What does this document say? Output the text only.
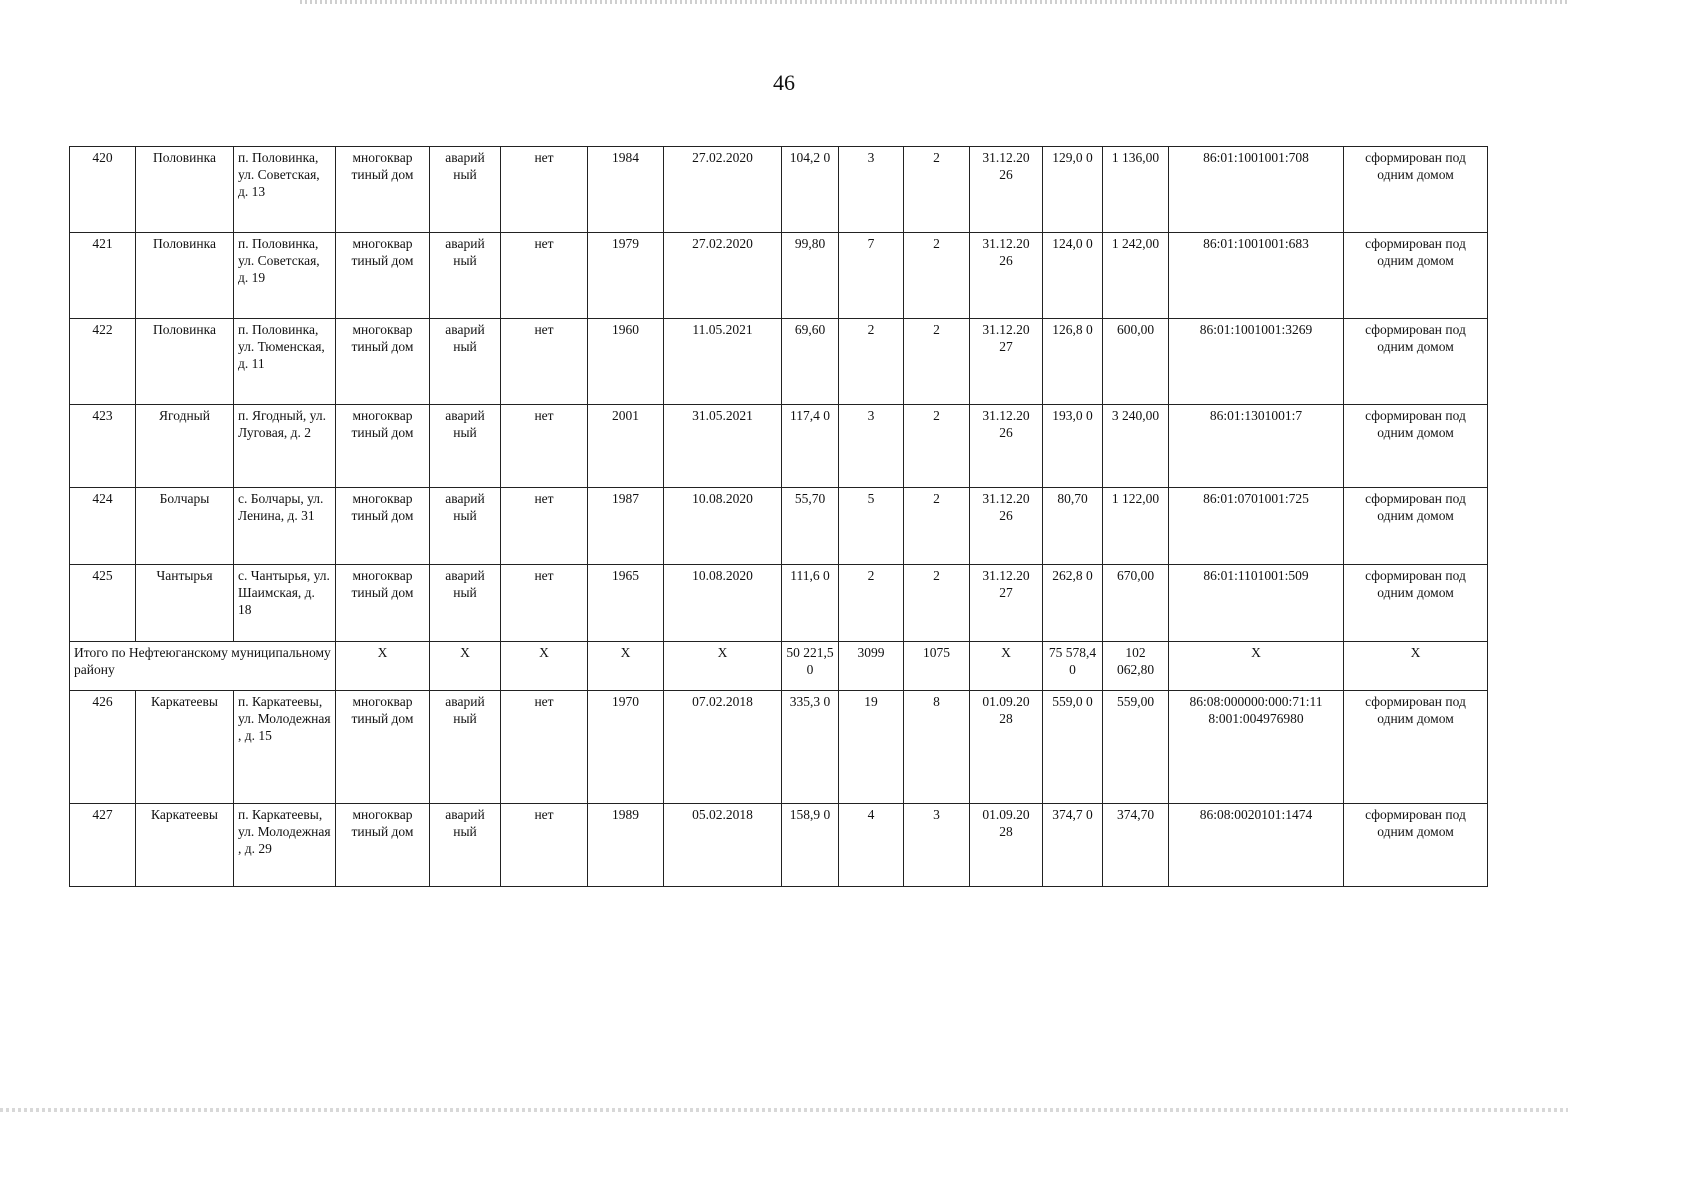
46
420	Половинка	п. Половинка, ул. Советская, д. 13	многоквар тиный дом	аварий ный	нет	1984	27.02.2020	104,2 0	3	2	31.12.20 26	129,0 0	1 136,00	86:01:1001001:708	сформирован под одним домом
421	Половинка	п. Половинка, ул. Советская, д. 19	многоквар тиный дом	аварий ный	нет	1979	27.02.2020	99,80	7	2	31.12.20 26	124,0 0	1 242,00	86:01:1001001:683	сформирован под одним домом
422	Половинка	п. Половинка, ул. Тюменская, д. 11	многоквар тиный дом	аварий ный	нет	1960	11.05.2021	69,60	2	2	31.12.20 27	126,8 0	600,00	86:01:1001001:3269	сформирован под одним домом
423	Ягодный	п. Ягодный, ул. Луговая, д. 2	многоквар тиный дом	аварий ный	нет	2001	31.05.2021	117,4 0	3	2	31.12.20 26	193,0 0	3 240,00	86:01:1301001:7	сформирован под одним домом
424	Болчары	с. Болчары, ул. Ленина, д. 31	многоквар тиный дом	аварий ный	нет	1987	10.08.2020	55,70	5	2	31.12.20 26	80,70	1 122,00	86:01:0701001:725	сформирован под одним домом
425	Чантырья	с. Чантырья, ул. Шаимская, д. 18	многоквар тиный дом	аварий ный	нет	1965	10.08.2020	111,6 0	2	2	31.12.20 27	262,8 0	670,00	86:01:1101001:509	сформирован под одним домом
Итого по Нефтеюганскому муниципальному району			X	X	X	X	X	50 221,5 0	3099	1075	X	75 578,4 0	102 062,80	X	X
426	Каркатеевы	п. Каркатеевы, ул. Молодежная , д. 15	многоквар тиный дом	аварий ный	нет	1970	07.02.2018	335,3 0	19	8	01.09.20 28	559,0 0	559,00	86:08:000000:000:71:11 8:001:004976980	сформирован под одним домом
427	Каркатеевы	п. Каркатеевы, ул. Молодежная , д. 29	многоквар тиный дом	аварий ный	нет	1989	05.02.2018	158,9 0	4	3	01.09.20 28	374,7 0	374,70	86:08:0020101:1474	сформирован под одним домом
